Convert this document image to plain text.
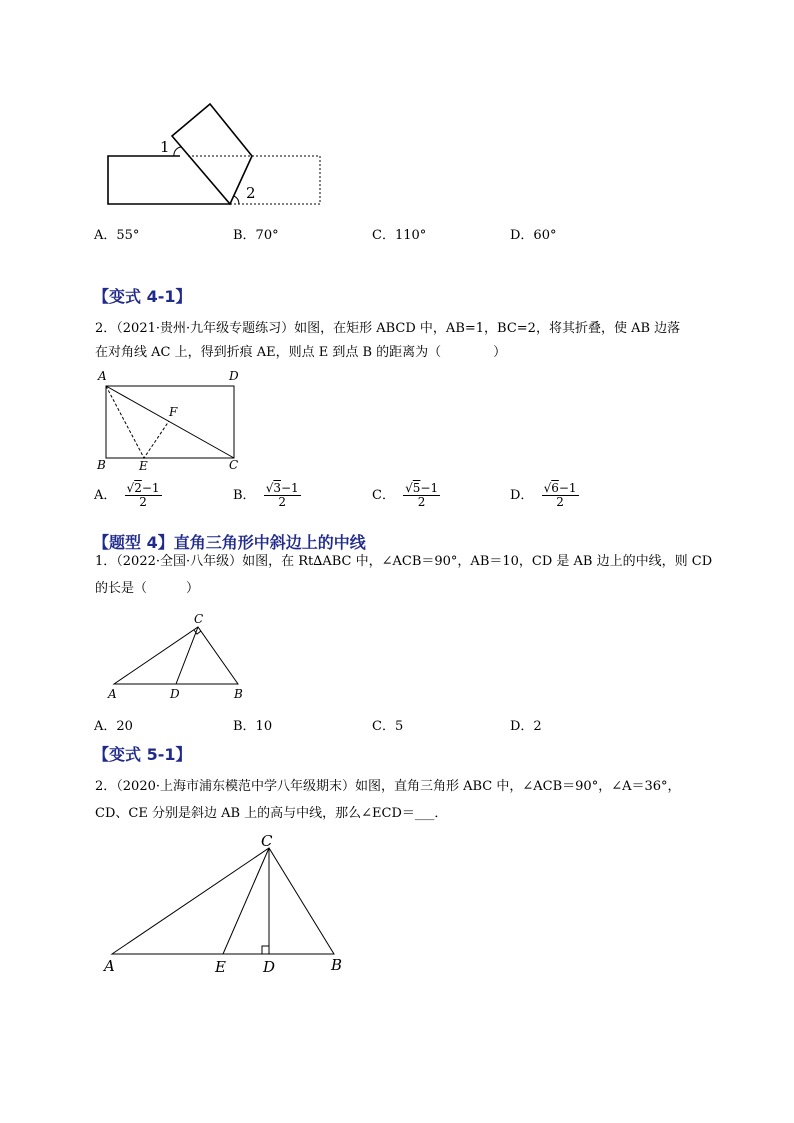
1
2
A．55°	B．70°	C．110°	D．60°
【变式 4-1】
2．（2021·贵州·九年级专题练习）如图，在矩形 ABCD 中，AB=1，BC=2，将其折叠，使 AB 边落
在对角线 AC 上，得到折痕 AE，则点 E 到点 B 的距离为（　　　　）
A	D
F
B	E	C
A． $\frac{√2-1}{2}$	B． $\frac{√3-1}{2}$	C． $\frac{√5-1}{2}$	D． $\frac{√6-1}{2}$
【题型 4】直角三角形中斜边上的中线
1．（2022·全国·八年级）如图，在 Rt∆ABC 中，∠ACB＝90°，AB＝10，CD 是 AB 边上的中线，则 CD
的长是（　　　）
C
A	D	B
A．20	B．10	C．5	D．2
【变式 5-1】
2．（2020·上海市浦东模范中学八年级期末）如图，直角三角形 ABC 中，∠ACB＝90°，∠A＝36°，
CD、CE 分别是斜边 AB 上的高与中线，那么∠ECD＝___．
C
A	E D	B
